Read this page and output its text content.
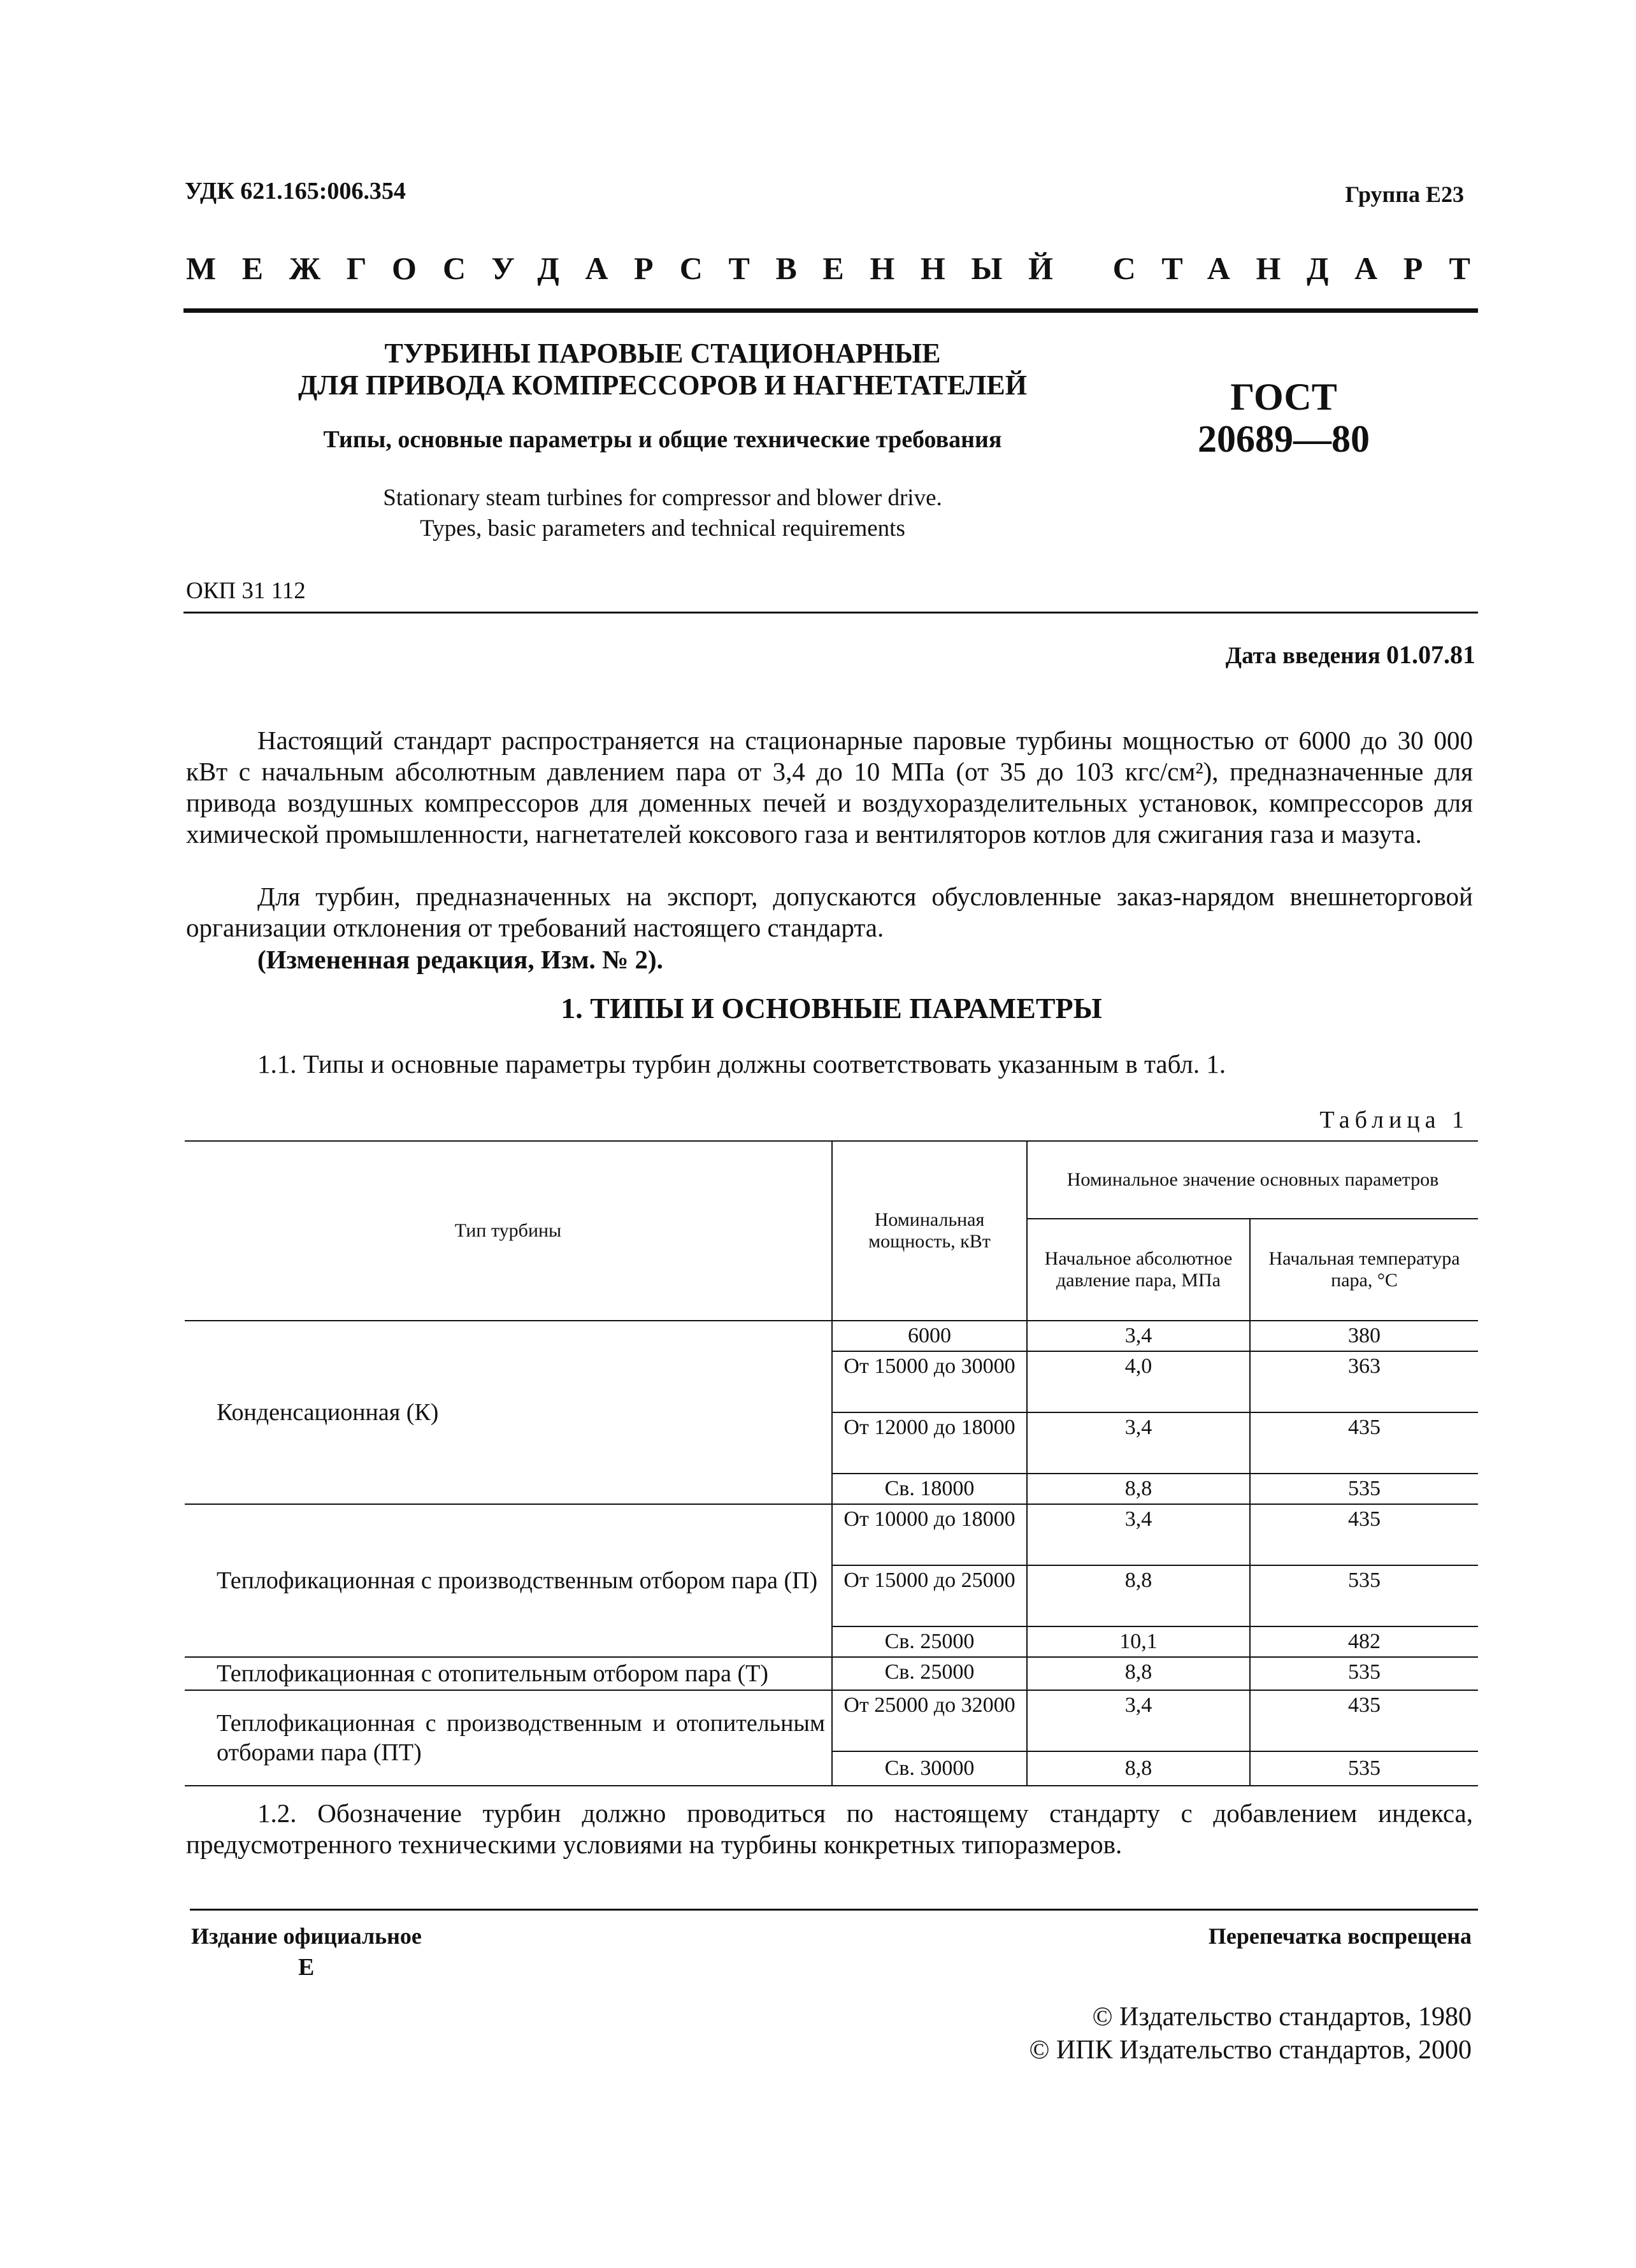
УДК 621.165:006.354	Группа Е23
МЕЖГОСУДАРСТВЕННЫЙ СТАНДАРТ
ТУРБИНЫ ПАРОВЫЕ СТАЦИОНАРНЫЕ
ДЛЯ ПРИВОДА КОМПРЕССОРОВ И НАГНЕТАТЕЛЕЙ
Типы, основные параметры и общие технические требования
Stationary steam turbines for compressor and blower drive.
Types, basic parameters and technical requirements
ГОСТ
20689—80
ОКП 31 112
Дата введения 01.07.81
Настоящий стандарт распространяется на стационарные паровые турбины мощностью от 6000 до 30 000 кВт с начальным абсолютным давлением пара от 3,4 до 10 МПа (от 35 до 103 кгс/см²), предназначенные для привода воздушных компрессоров для доменных печей и воздухоразделительных установок, компрессоров для химической промышленности, нагнетателей коксового газа и вентиляторов котлов для сжигания газа и мазута.
Для турбин, предназначенных на экспорт, допускаются обусловленные заказ-нарядом внешнеторговой организации отклонения от требований настоящего стандарта.
(Измененная редакция, Изм. № 2).
1. ТИПЫ И ОСНОВНЫЕ ПАРАМЕТРЫ
1.1. Типы и основные параметры турбин должны соответствовать указанным в табл. 1.
Таблица 1
Тип турбины	Номинальная мощность, кВт	Номинальное значение основных параметров	
		Начальное абсолютное давление пара, МПа	Начальная температура пара, °С
Конденсационная (К)	6000	3,4	380
	От 15000 до 30000	4,0	363
	От 12000 до 18000	3,4	435
	Св. 18000	8,8	535
Теплофикационная с производственным отбором пара (П)	От 10000 до 18000	3,4	435
	От 15000 до 25000	8,8	535
	Св. 25000	10,1	482
Теплофикационная с отопительным отбором пара (Т)	Св. 25000	8,8	535
Теплофикационная с производственным и отопительным отборами пара (ПТ)	От 25000 до 32000	3,4	435
	Св. 30000	8,8	535
1.2. Обозначение турбин должно проводиться по настоящему стандарту с добавлением индекса, предусмотренного техническими условиями на турбины конкретных типоразмеров.
Издание официальное
Е
Перепечатка воспрещена
© Издательство стандартов, 1980
© ИПК Издательство стандартов, 2000
